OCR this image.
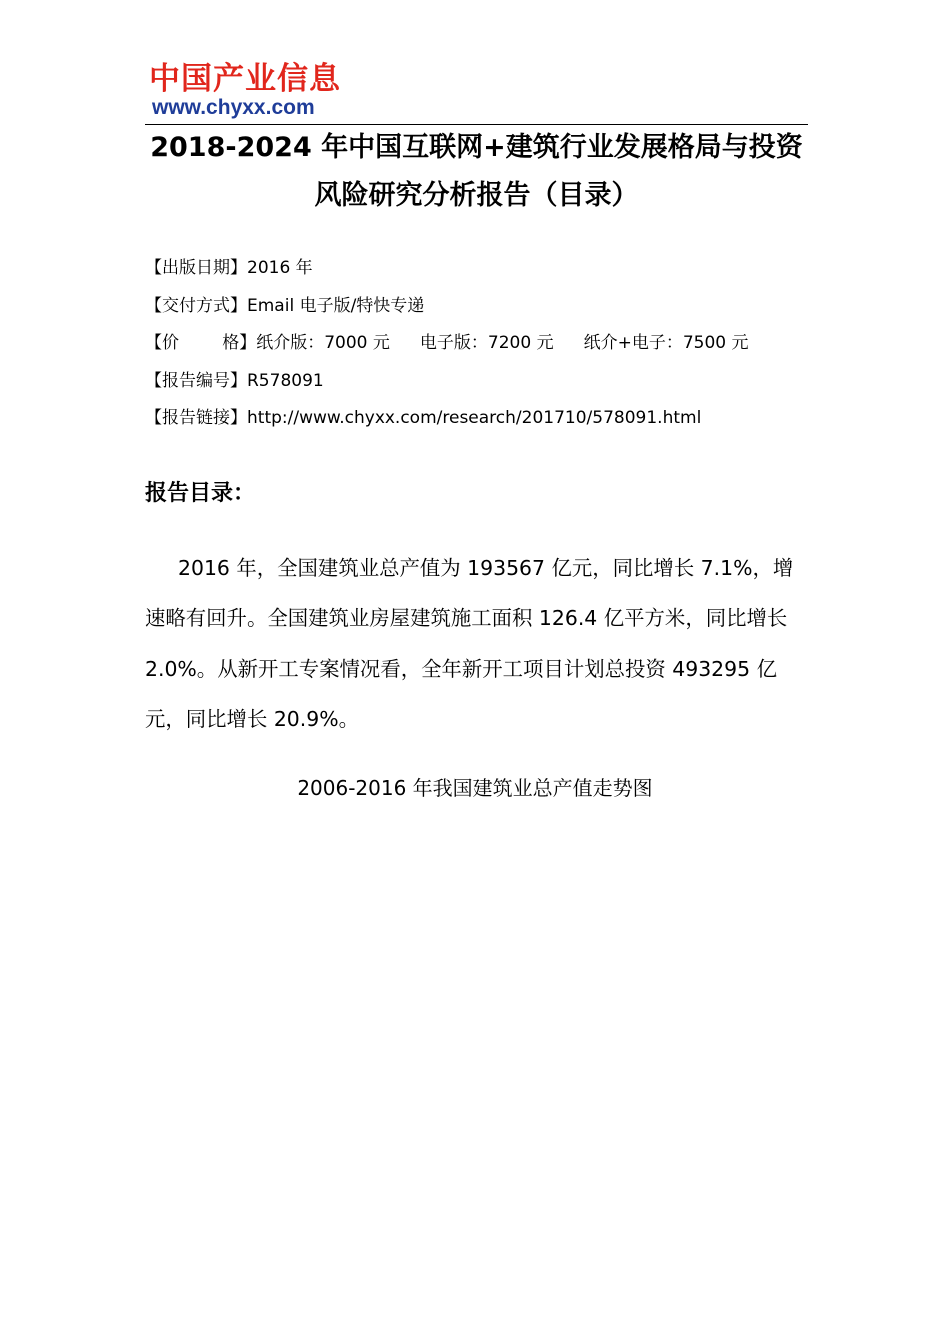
中国产业信息
www.chyxx.com
2018-2024 年中国互联网+建筑行业发展格局与投资
风险研究分析报告（目录）
【出版日期】2016 年
【交付方式】Email 电子版/特快专递
【价        格】纸介版：7000 元 电子版：7200 元 纸介+电子：7500 元
【报告编号】R578091
【报告链接】http://www.chyxx.com/research/201710/578091.html
报告目录：

2016 年，全国建筑业总产值为 193567 亿元，同比增长 7.1%，增速略有回升。全国建筑业房屋建筑施工面积 126.4 亿平方米，同比增长 2.0%。从新开工专案情况看，全年新开工项目计划总投资 493295 亿元，同比增长 20.9%。

2006-2016 年我国建筑业总产值走势图
